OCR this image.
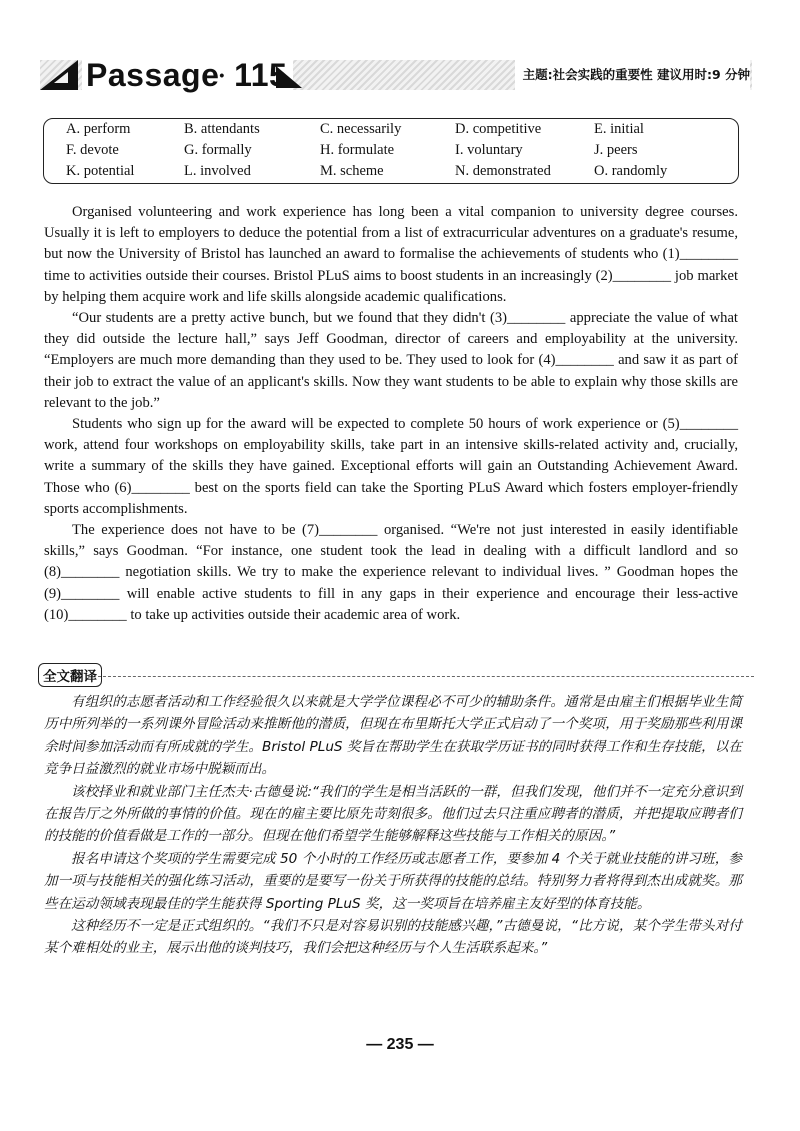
Passage• 115	主题:社会实践的重要性 建议用时:9 分钟
A. perform	B. attendants	C. necessarily	D. competitive	E. initial
F. devote	G. formally	H. formulate	I. voluntary	J. peers
K. potential	L. involved	M. scheme	N. demonstrated	O. randomly

Organised volunteering and work experience has long been a vital companion to university degree courses. Usually it is left to employers to deduce the potential from a list of extracurricular adventures on a graduate's resume, but now the University of Bristol has launched an award to formalise the achievements of students who (1)________ time to activities outside their courses. Bristol PLuS aims to boost students in an increasingly (2)________ job market by helping them acquire work and life skills alongside academic qualifications.

“Our students are a pretty active bunch, but we found that they didn't (3)________ appreciate the value of what they did outside the lecture hall,” says Jeff Goodman, director of careers and employability at the university. “Employers are much more demanding than they used to be. They used to look for (4)________ and saw it as part of their job to extract the value of an applicant's skills. Now they want students to be able to explain why those skills are relevant to the job.”

Students who sign up for the award will be expected to complete 50 hours of work experience or (5)________ work, attend four workshops on employability skills, take part in an intensive skills-related activity and, crucially, write a summary of the skills they have gained. Exceptional efforts will gain an Outstanding Achievement Award. Those who (6)________ best on the sports field can take the Sporting PLuS Award which fosters employer-friendly sports accomplishments.

The experience does not have to be (7)________ organised. “We're not just interested in easily identifiable skills,” says Goodman. “For instance, one student took the lead in dealing with a difficult landlord and so (8)________ negotiation skills. We try to make the experience relevant to individual lives. ” Goodman hopes the (9)________ will enable active students to fill in any gaps in their experience and encourage their less-active (10)________ to take up activities outside their academic area of work.

全文翻译

有组织的志愿者活动和工作经验很久以来就是大学学位课程必不可少的辅助条件。通常是由雇主们根据毕业生简历中所列举的一系列课外冒险活动来推断他的潜质，但现在布里斯托大学正式启动了一个奖项，用于奖励那些利用课余时间参加活动而有所成就的学生。Bristol PLuS 奖旨在帮助学生在获取学历证书的同时获得工作和生存技能，以在竞争日益激烈的就业市场中脱颖而出。

该校择业和就业部门主任杰夫·古德曼说:“我们的学生是相当活跃的一群，但我们发现，他们并不一定充分意识到在报告厅之外所做的事情的价值。现在的雇主要比原先苛刻很多。他们过去只注重应聘者的潜质，并把提取应聘者们的技能的价值看做是工作的一部分。但现在他们希望学生能够解释这些技能与工作相关的原因。”

报名申请这个奖项的学生需要完成 50 个小时的工作经历或志愿者工作，要参加 4 个关于就业技能的讲习班，参加一项与技能相关的强化练习活动，重要的是要写一份关于所获得的技能的总结。特别努力者将得到杰出成就奖。那些在运动领域表现最佳的学生能获得 Sporting PLuS 奖，这一奖项旨在培养雇主友好型的体育技能。

这种经历不一定是正式组织的。“我们不只是对容易识别的技能感兴趣，”古德曼说，“比方说，某个学生带头对付某个难相处的业主，展示出他的谈判技巧，我们会把这种经历与个人生活联系起来。”

— 235 —
